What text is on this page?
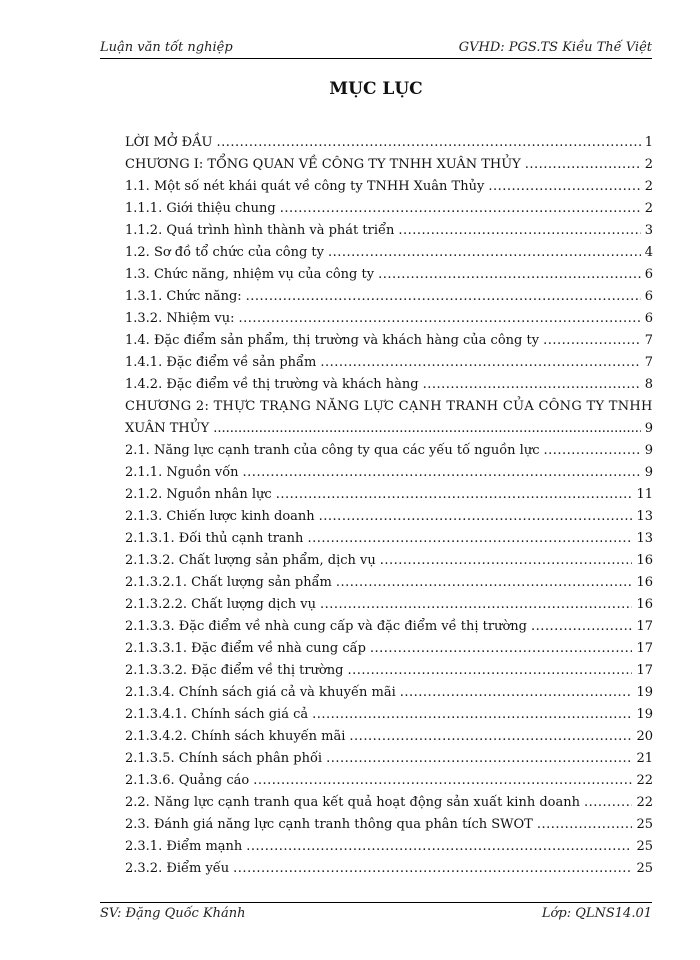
Luận văn tốt nghiệp	GVHD: PGS.TS Kiều Thế Việt
MỤC LỤC
LỜI MỞ ĐẦU .....	1
CHƯƠNG I: TỔNG QUAN VỀ CÔNG TY TNHH XUÂN THỦY .....	2
1.1. Một số nét khái quát về công ty TNHH Xuân Thủy .....	2
1.1.1. Giới thiệu chung .....	2
1.1.2. Quá trình hình thành và phát triển .....	3
1.2. Sơ đồ tổ chức của công ty .....	4
1.3. Chức năng, nhiệm vụ của công ty .....	6
1.3.1. Chức năng: .....	6
1.3.2. Nhiệm vụ: .....	6
1.4. Đặc điểm sản phẩm, thị trường và khách hàng của công ty .....	7
1.4.1. Đặc điểm về sản phẩm .....	7
1.4.2. Đặc điểm về thị trường và khách hàng .....	8
CHƯƠNG 2: THỰC TRẠNG NĂNG LỰC CẠNH TRANH CỦA CÔNG TY TNHH
XUÂN THỦY .....	9
2.1. Năng lực cạnh tranh của công ty qua các yếu tố nguồn lực .....	9
2.1.1. Nguồn vốn .....	9
2.1.2. Nguồn nhân lực .....	11
2.1.3. Chiến lược kinh doanh .....	13
2.1.3.1. Đối thủ cạnh tranh .....	13
2.1.3.2. Chất lượng sản phẩm, dịch vụ .....	16
2.1.3.2.1. Chất lượng sản phẩm .....	16
2.1.3.2.2. Chất lượng dịch vụ .....	16
2.1.3.3. Đặc điểm về nhà cung cấp và đặc điểm về thị trường .....	17
2.1.3.3.1. Đặc điểm về nhà cung cấp .....	17
2.1.3.3.2. Đặc điểm về thị trường .....	17
2.1.3.4. Chính sách giá cả và khuyến mãi .....	19
2.1.3.4.1. Chính sách giá cả .....	19
2.1.3.4.2. Chính sách khuyến mãi .....	20
2.1.3.5. Chính sách phân phối .....	21
2.1.3.6. Quảng cáo .....	22
2.2. Năng lực cạnh tranh qua kết quả hoạt động sản xuất kinh doanh .....	22
2.3. Đánh giá năng lực cạnh tranh thông qua phân tích SWOT .....	25
2.3.1. Điểm mạnh .....	25
2.3.2. Điểm yếu .....	25
SV: Đặng Quốc Khánh	Lớp: QLNS14.01
